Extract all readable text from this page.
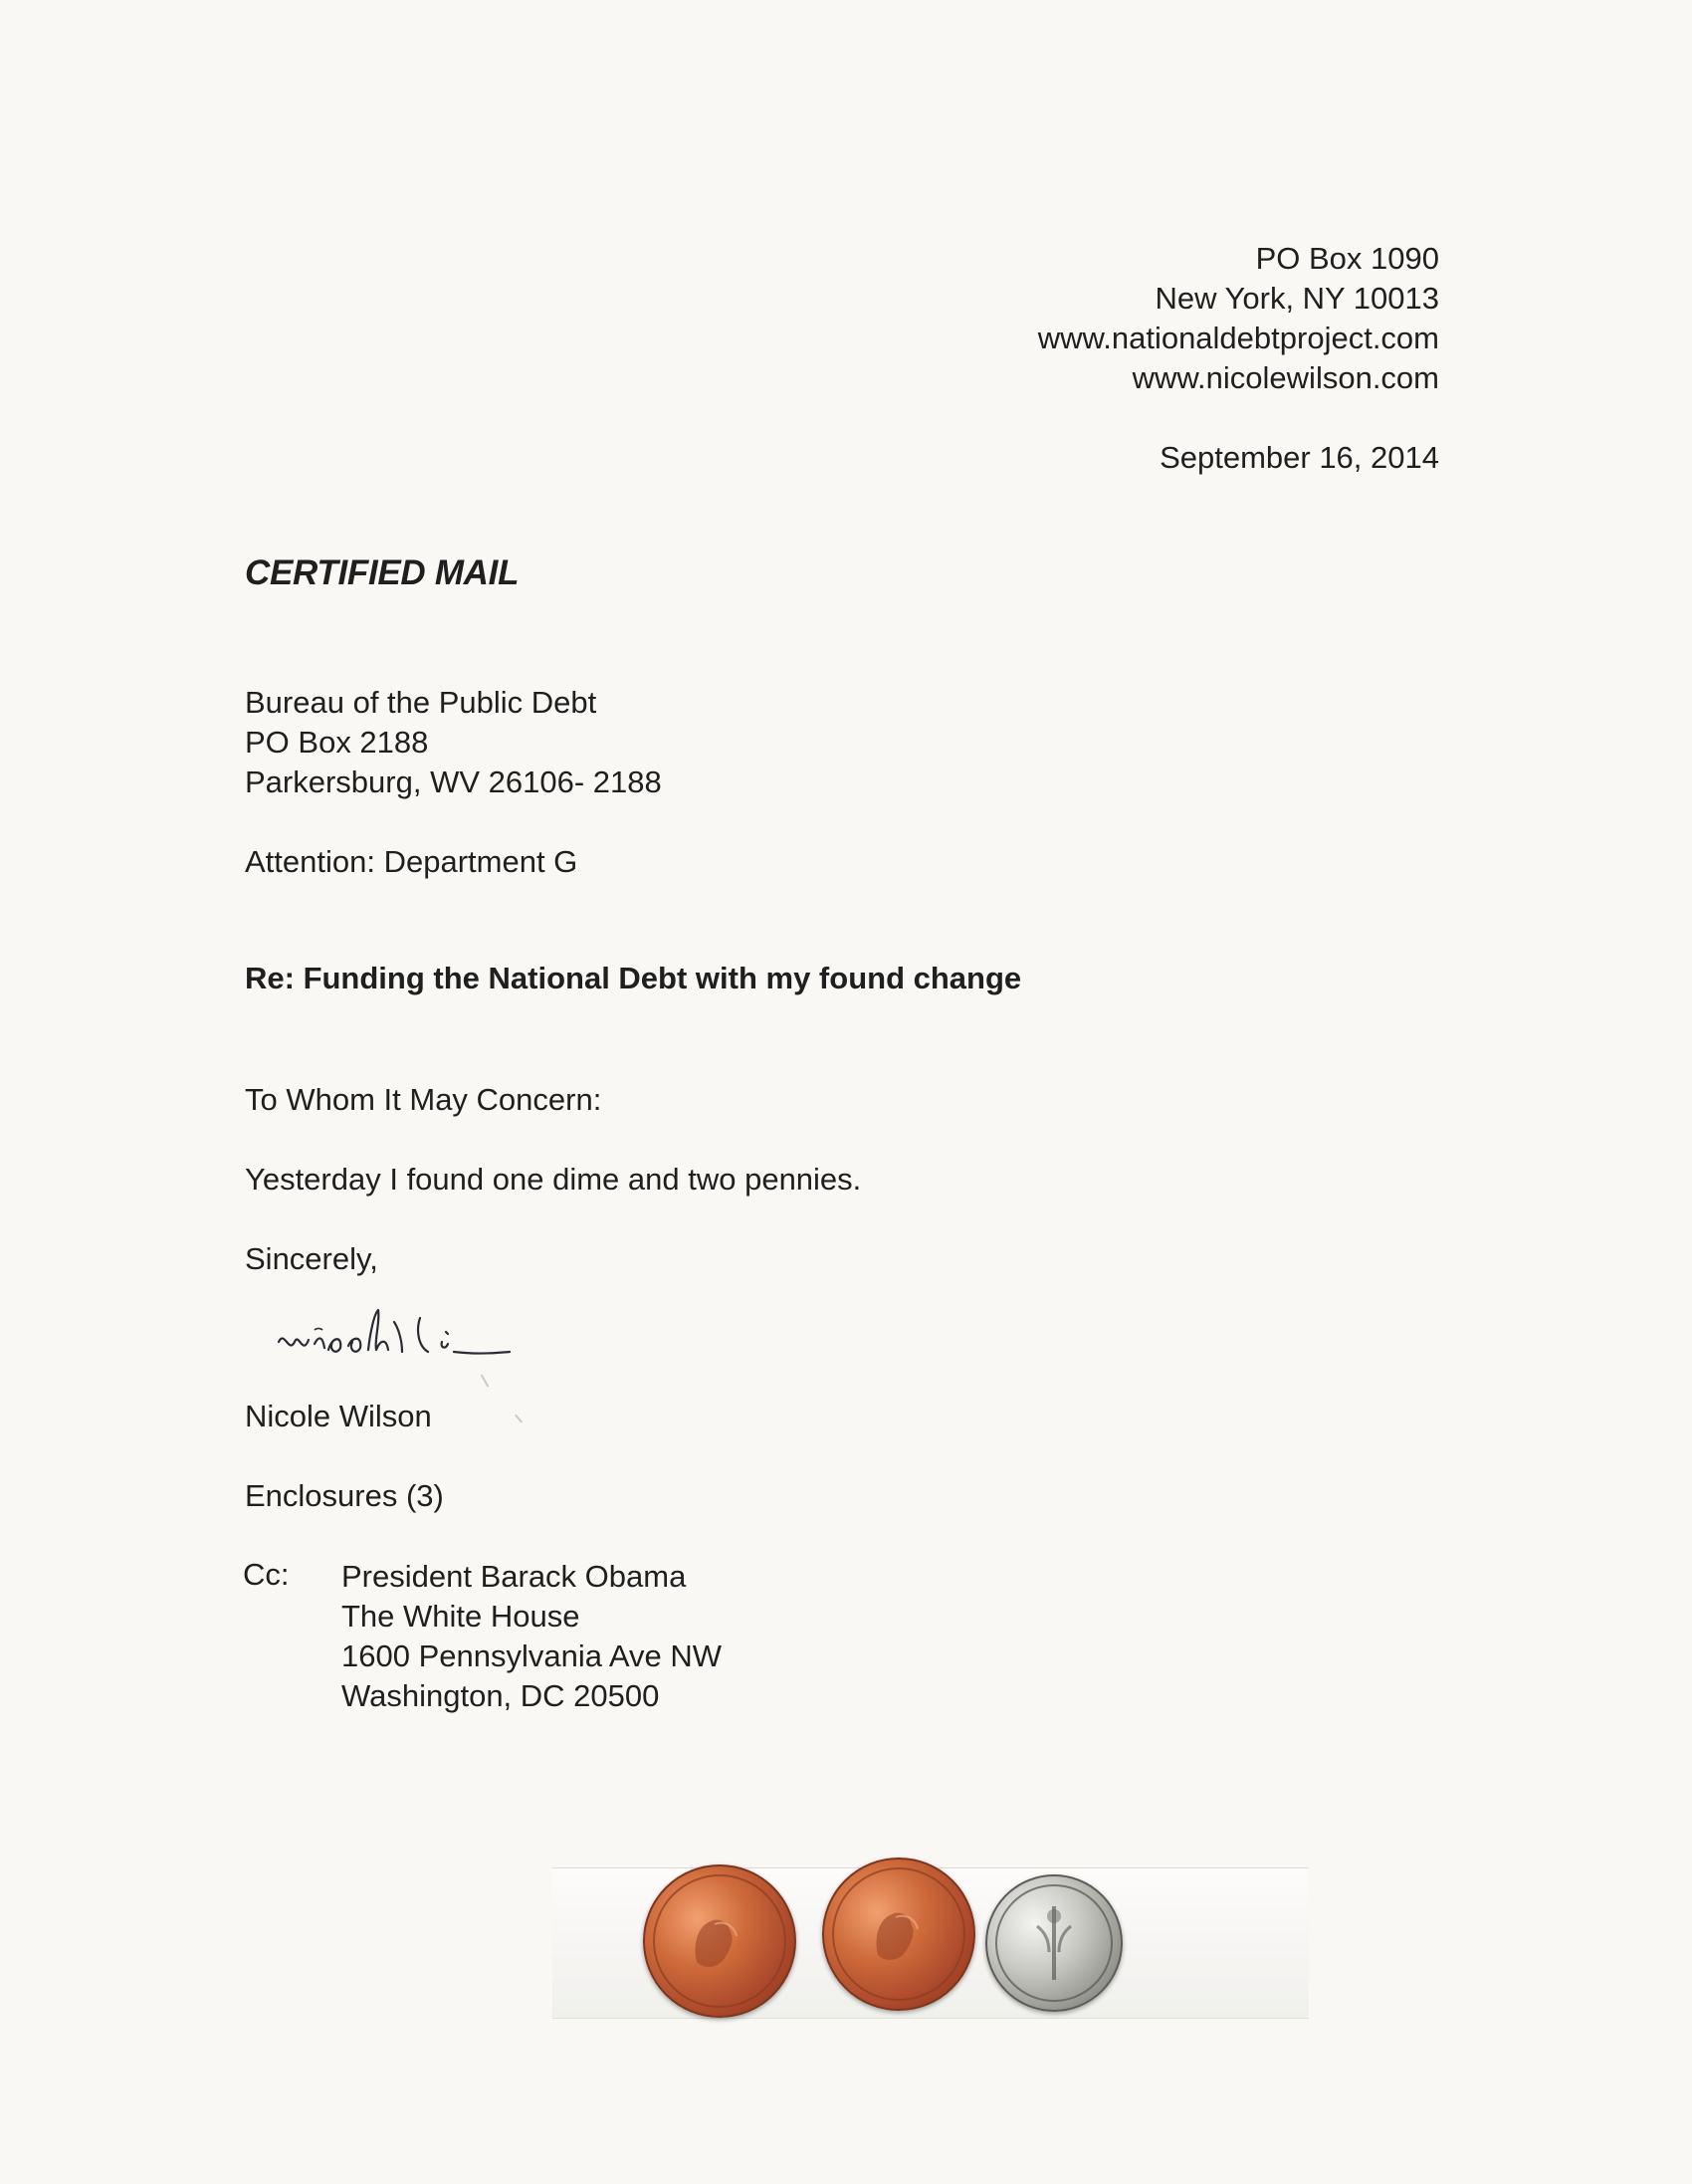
PO Box 1090
New York, NY 10013
www.nationaldebtproject.com
www.nicolewilson.com
September 16, 2014
CERTIFIED MAIL
Bureau of the Public Debt
PO Box 2188
Parkersburg, WV 26106- 2188
Attention: Department G
Re: Funding the National Debt with my found change
To Whom It May Concern:
Yesterday I found one dime and two pennies.
Sincerely,
Nicole Wilson
Enclosures (3)
Cc: President Barack Obama
The White House
1600 Pennsylvania Ave NW
Washington, DC 20500
